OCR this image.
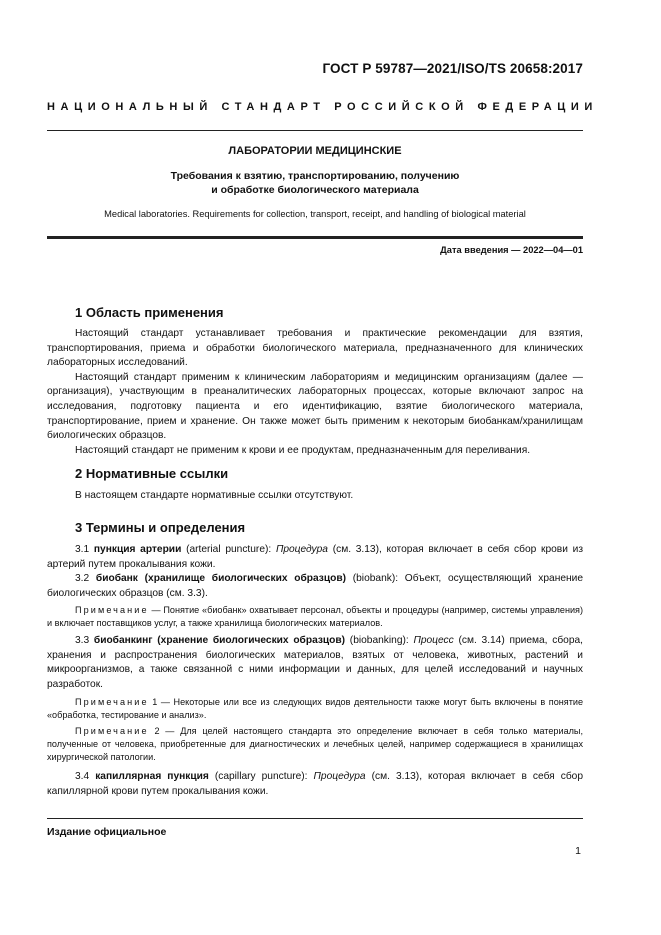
ГОСТ Р 59787—2021/ISO/TS 20658:2017
НАЦИОНАЛЬНЫЙ СТАНДАРТ РОССИЙСКОЙ ФЕДЕРАЦИИ
ЛАБОРАТОРИИ МЕДИЦИНСКИЕ
Требования к взятию, транспортированию, получению
и обработке биологического материала
Medical laboratories. Requirements for collection, transport, receipt, and handling of biological material
Дата введения — 2022—04—01
1 Область применения

Настоящий стандарт устанавливает требования и практические рекомендации для взятия, транспортирования, приема и обработки биологического материала, предназначенного для клинических лабораторных исследований.

Настоящий стандарт применим к клиническим лабораториям и медицинским организациям (далее — организация), участвующим в преаналитических лабораторных процессах, которые включают запрос на исследования, подготовку пациента и его идентификацию, взятие биологического материала, транспортирование, прием и хранение. Он также может быть применим к некоторым биобанкам/хранилищам биологических образцов.

Настоящий стандарт не применим к крови и ее продуктам, предназначенным для переливания.

2 Нормативные ссылки

В настоящем стандарте нормативные ссылки отсутствуют.

3 Термины и определения

3.1 пункция артерии (arterial puncture): Процедура (см. 3.13), которая включает в себя сбор крови из артерий путем прокалывания кожи.

3.2 биобанк (хранилище биологических образцов) (biobank): Объект, осуществляющий хранение биологических образцов (см. 3.3).

Примечание — Понятие «биобанк» охватывает персонал, объекты и процедуры (например, системы управления) и включает поставщиков услуг, а также хранилища биологических материалов.

3.3 биобанкинг (хранение биологических образцов) (biobanking): Процесс (см. 3.14) приема, сбора, хранения и распространения биологических материалов, взятых от человека, животных, растений и микроорганизмов, а также связанной с ними информации и данных, для целей исследований и научных разработок.

Примечание 1 — Некоторые или все из следующих видов деятельности также могут быть включены в понятие «обработка, тестирование и анализ».

Примечание 2 — Для целей настоящего стандарта это определение включает в себя только материалы, полученные от человека, приобретенные для диагностических и лечебных целей, например содержащиеся в хранилищах хирургической патологии.

3.4 капиллярная пункция (capillary puncture): Процедура (см. 3.13), которая включает в себя сбор капиллярной крови путем прокалывания кожи.

Издание официальное
1
